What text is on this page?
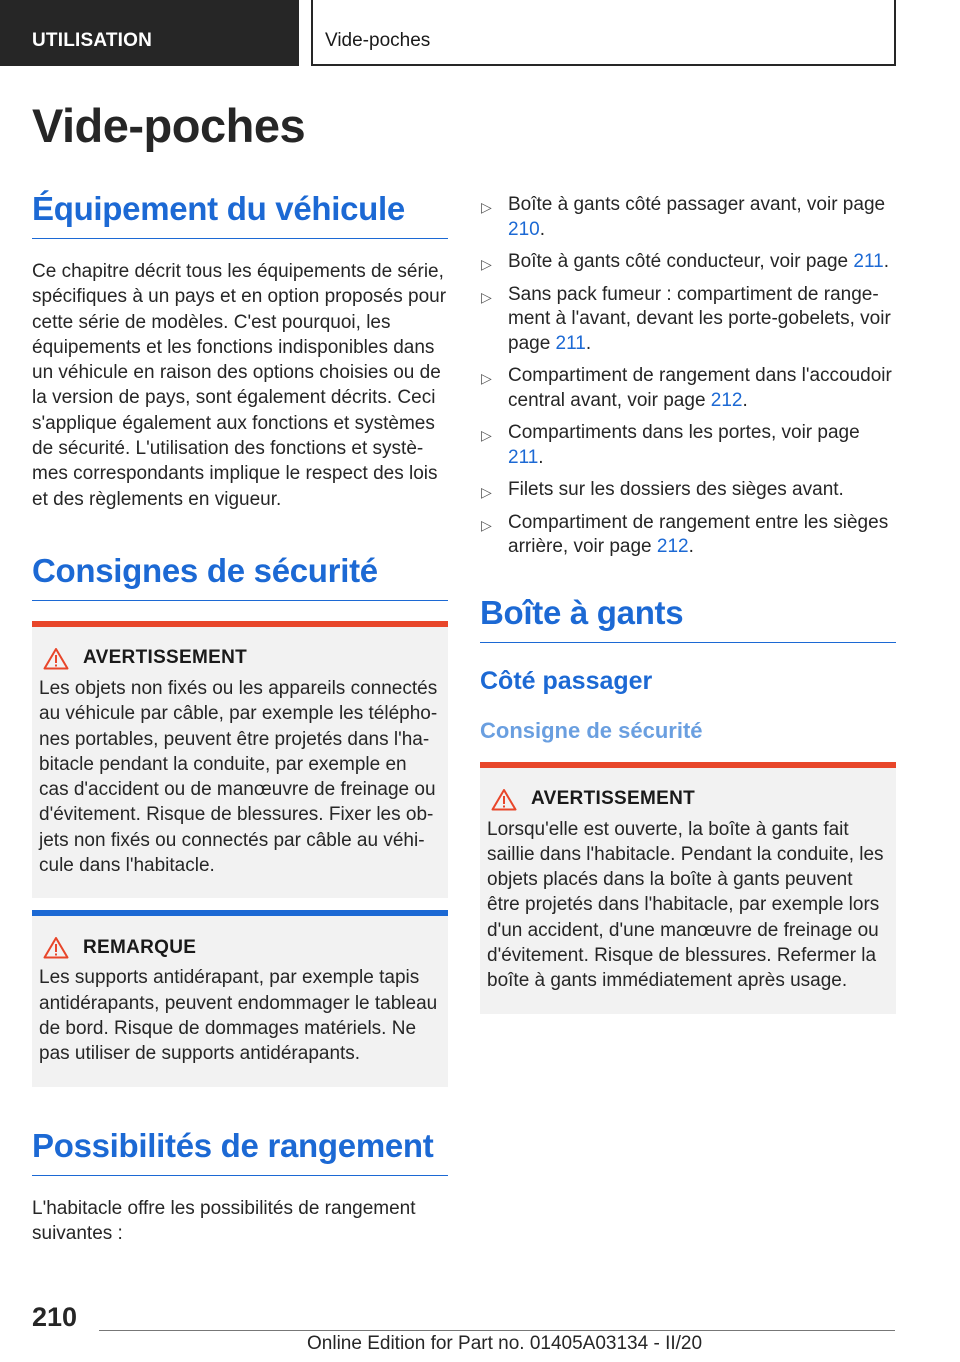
UTILISATION	Vide-poches
Vide-poches
Équipement du véhicule

Ce chapitre décrit tous les équipements de série, spécifiques à un pays et en option proposés pour cette série de modèles. C'est pourquoi, les équipements et les fonctions indisponibles dans un véhicule en raison des options choisies ou de la version de pays, sont également décrits. Ceci s'applique également aux fonctions et systèmes de sécurité. L'utilisation des fonctions et systèmes correspondants implique le respect des lois et des règlements en vigueur.

Consignes de sécurité
AVERTISSEMENT

Les objets non fixés ou les appareils connectés au véhicule par câble, par exemple les téléphones portables, peuvent être projetés dans l'habitacle pendant la conduite, par exemple en cas d'accident ou de manœuvre de freinage ou d'évitement. Risque de blessures. Fixer les objets non fixés ou connectés par câble au véhicule dans l'habitacle.

REMARQUE

Les supports antidérapant, par exemple tapis antidérapants, peuvent endommager le tableau de bord. Risque de dommages matériels. Ne pas utiliser de supports antidérapants.

Possibilités de rangement

L'habitacle offre les possibilités de rangement suivantes :

▷ Boîte à gants côté passager avant, voir page 210.
▷ Boîte à gants côté conducteur, voir page 211.
▷ Sans pack fumeur : compartiment de rangement à l'avant, devant les porte-gobelets, voir page 211.
▷ Compartiment de rangement dans l'accoudoir central avant, voir page 212.
▷ Compartiments dans les portes, voir page 211.
▷ Filets sur les dossiers des sièges avant.
▷ Compartiment de rangement entre les sièges arrière, voir page 212.
Boîte à gants
Côté passager
Consigne de sécurité
AVERTISSEMENT

Lorsqu'elle est ouverte, la boîte à gants fait saillie dans l'habitacle. Pendant la conduite, les objets placés dans la boîte à gants peuvent être projetés dans l'habitacle, par exemple lors d'un accident, d'une manœuvre de freinage ou d'évitement. Risque de blessures. Refermer la boîte à gants immédiatement après usage.

210
Online Edition for Part no. 01405A03134 - II/20
